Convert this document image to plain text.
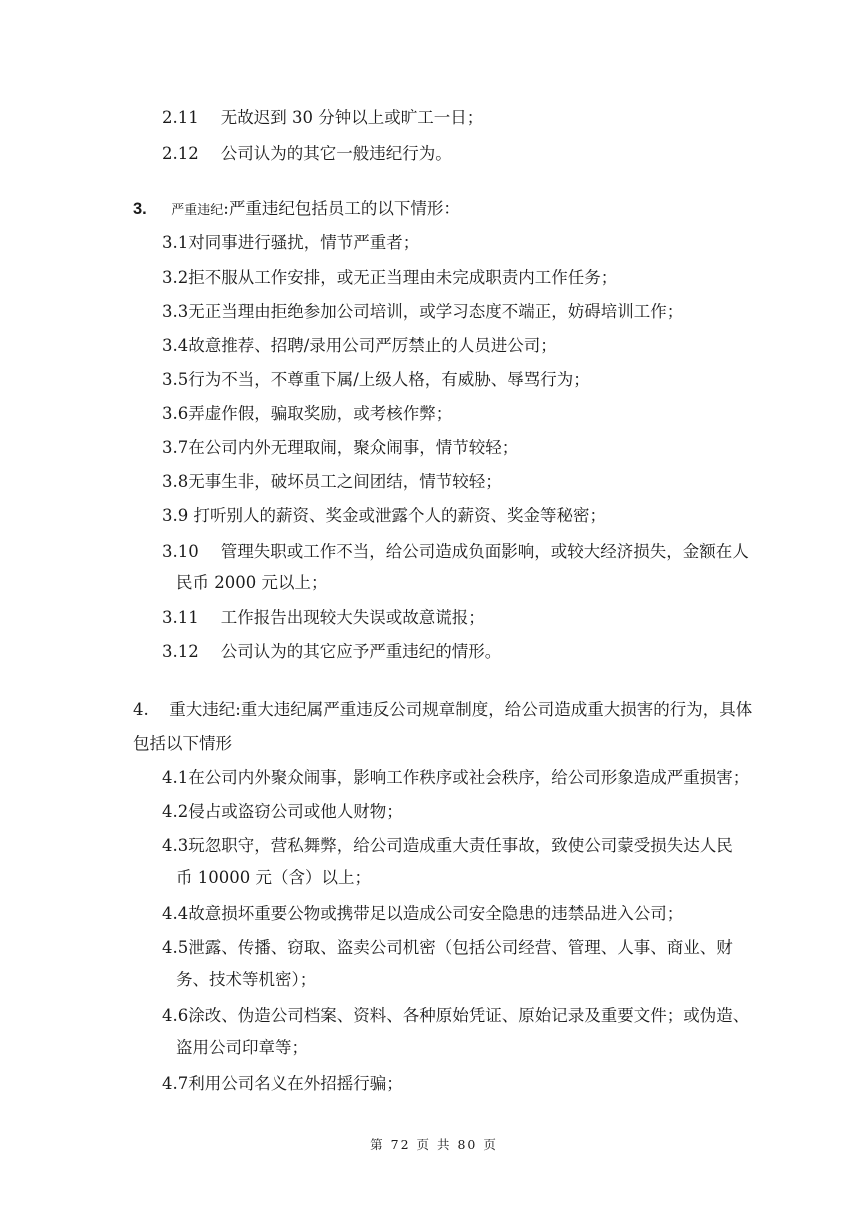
2.11 无故迟到 30 分钟以上或旷工一日；
2.12 公司认为的其它一般违纪行为。
3. 严重违纪:严重违纪包括员工的以下情形：
3.1对同事进行骚扰，情节严重者；
3.2拒不服从工作安排，或无正当理由未完成职责内工作任务；
3.3无正当理由拒绝参加公司培训，或学习态度不端正，妨碍培训工作；
3.4故意推荐、招聘/录用公司严厉禁止的人员进公司；
3.5行为不当，不尊重下属/上级人格，有威胁、辱骂行为；
3.6弄虚作假，骗取奖励，或考核作弊；
3.7在公司内外无理取闹，聚众闹事，情节较轻；
3.8无事生非，破坏员工之间团结，情节较轻；
3.9 打听别人的薪资、奖金或泄露个人的薪资、奖金等秘密；
3.10 管理失职或工作不当，给公司造成负面影响，或较大经济损失，金额在人
民币 2000 元以上；
3.11 工作报告出现较大失误或故意谎报；
3.12 公司认为的其它应予严重违纪的情形。
4. 重大违纪:重大违纪属严重违反公司规章制度，给公司造成重大损害的行为，具体
包括以下情形
4.1在公司内外聚众闹事，影响工作秩序或社会秩序，给公司形象造成严重损害；
4.2侵占或盗窃公司或他人财物；
4.3玩忽职守，营私舞弊，给公司造成重大责任事故，致使公司蒙受损失达人民
币 10000 元（含）以上；
4.4故意损坏重要公物或携带足以造成公司安全隐患的违禁品进入公司；
4.5泄露、传播、窃取、盗卖公司机密（包括公司经营、管理、人事、商业、财
务、技术等机密）；
4.6涂改、伪造公司档案、资料、各种原始凭证、原始记录及重要文件；或伪造、
盗用公司印章等；
4.7利用公司名义在外招摇行骗；
第 72 页 共 80 页
